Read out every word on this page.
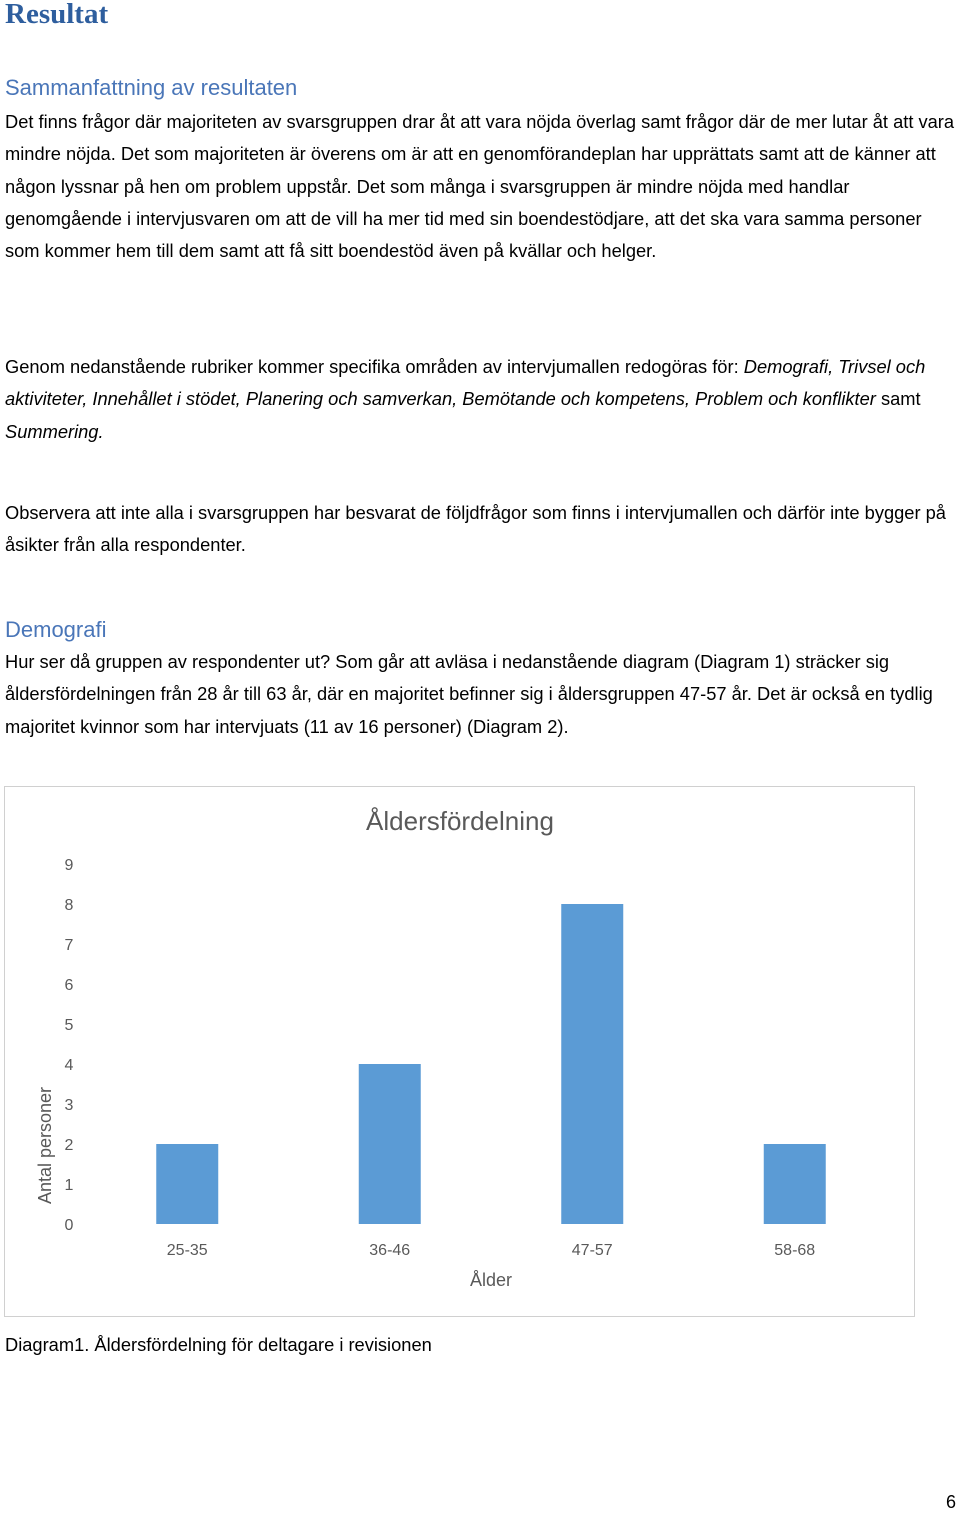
Resultat
Sammanfattning av resultaten

Det finns frågor där majoriteten av svarsgruppen drar åt att vara nöjda överlag samt frågor där de mer lutar åt att vara mindre nöjda. Det som majoriteten är överens om är att en genomförandeplan har upprättats samt att de känner att någon lyssnar på hen om problem uppstår. Det som många i svarsgruppen är mindre nöjda med handlar genomgående i intervjusvaren om att de vill ha mer tid med sin boendestödjare, att det ska vara samma personer som kommer hem till dem samt att få sitt boendestöd även på kvällar och helger.

Genom nedanstående rubriker kommer specifika områden av intervjumallen redogöras för: Demografi, Trivsel och aktiviteter, Innehållet i stödet, Planering och samverkan, Bemötande och kompetens, Problem och konflikter samt Summering.

Observera att inte alla i svarsgruppen har besvarat de följdfrågor som finns i intervjumallen och därför inte bygger på åsikter från alla respondenter.

Demografi

Hur ser då gruppen av respondenter ut? Som går att avläsa i nedanstående diagram (Diagram 1) sträcker sig åldersfördelningen från 28 år till 63 år, där en majoritet befinner sig i åldersgruppen 47-57 år. Det är också en tydlig majoritet kvinnor som har intervjuats (11 av 16 personer) (Diagram 2).

Åldersfördelning
0
1
2
3
4
5
6
7
8
9
Antal personer
25-35	36-46	47-57	58-68
Ålder

Diagram1. Åldersfördelning för deltagare i revisionen

6
